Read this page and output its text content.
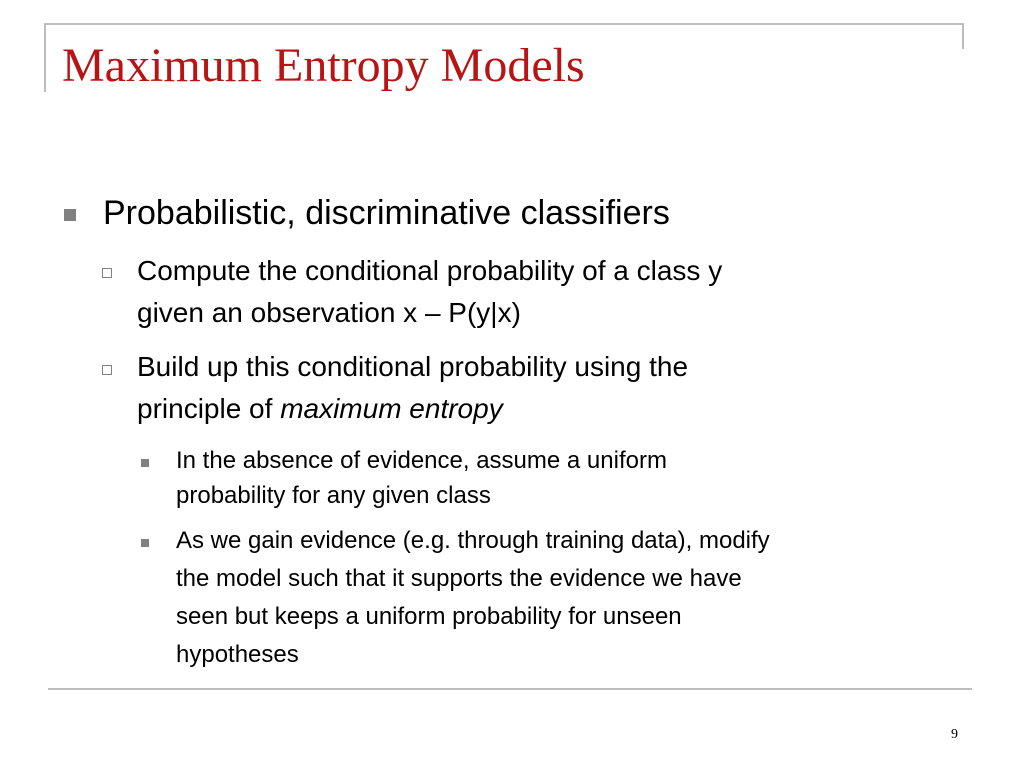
Maximum Entropy Models
Probabilistic, discriminative classifiers
Compute the conditional probability of a class y
given an observation x – P(y|x)
Build up this conditional probability using the
principle of maximum entropy
In the absence of evidence, assume a uniform
probability for any given class
As we gain evidence (e.g. through training data), modify
the model such that it supports the evidence we have
seen but keeps a uniform probability for unseen
hypotheses
9
